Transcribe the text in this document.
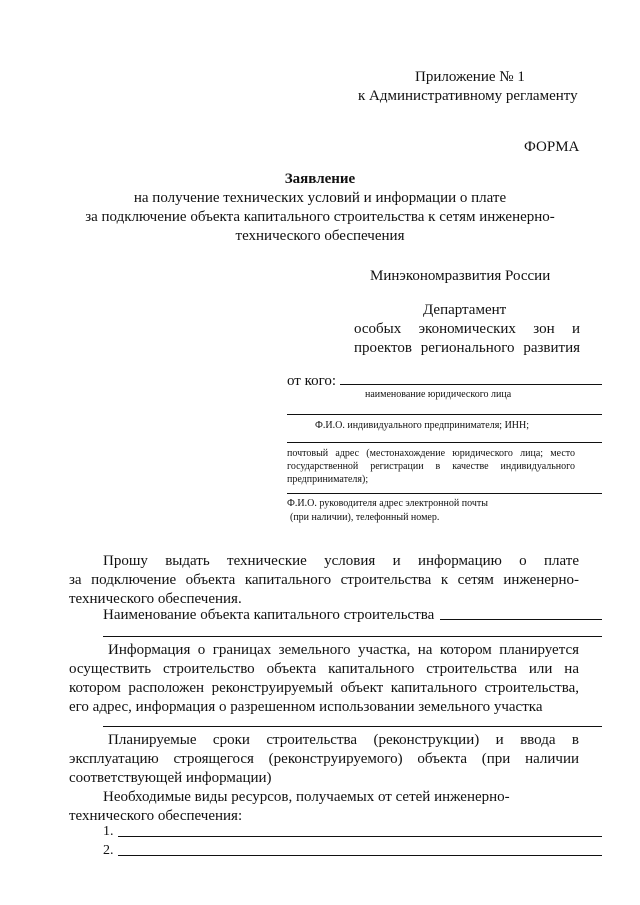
Приложение № 1
к Административному регламенту
ФОРМА
Заявление
на получение технических условий и информации о плате
за подключение объекта капитального строительства к сетям инженерно-
технического обеспечения
Минэкономразвития России
Департамент
особых экономических зон и
проектов регионального развития
от кого:
наименование юридического лица
Ф.И.О. индивидуального предпринимателя; ИНН;
почтовый адрес (местонахождение юридического лица; место
государственной регистрации в качестве индивидуального
предпринимателя);
Ф.И.О. руководителя адрес электронной почты
(при наличии), телефонный номер.
Прошу выдать технические условия и информацию о плате
за подключение объекта капитального строительства к сетям инженерно-
технического обеспечения.
Наименование объекта капитального строительства
Информация о границах земельного участка, на котором планируется
осуществить строительство объекта капитального строительства или на
котором расположен реконструируемый объект капитального строительства,
его адрес, информация о разрешенном использовании земельного участка
Планируемые сроки строительства (реконструкции) и ввода в
эксплуатацию строящегося (реконструируемого) объекта (при наличии
соответствующей информации)
Необходимые виды ресурсов, получаемых от сетей инженерно-
технического обеспечения:
1.
2.
